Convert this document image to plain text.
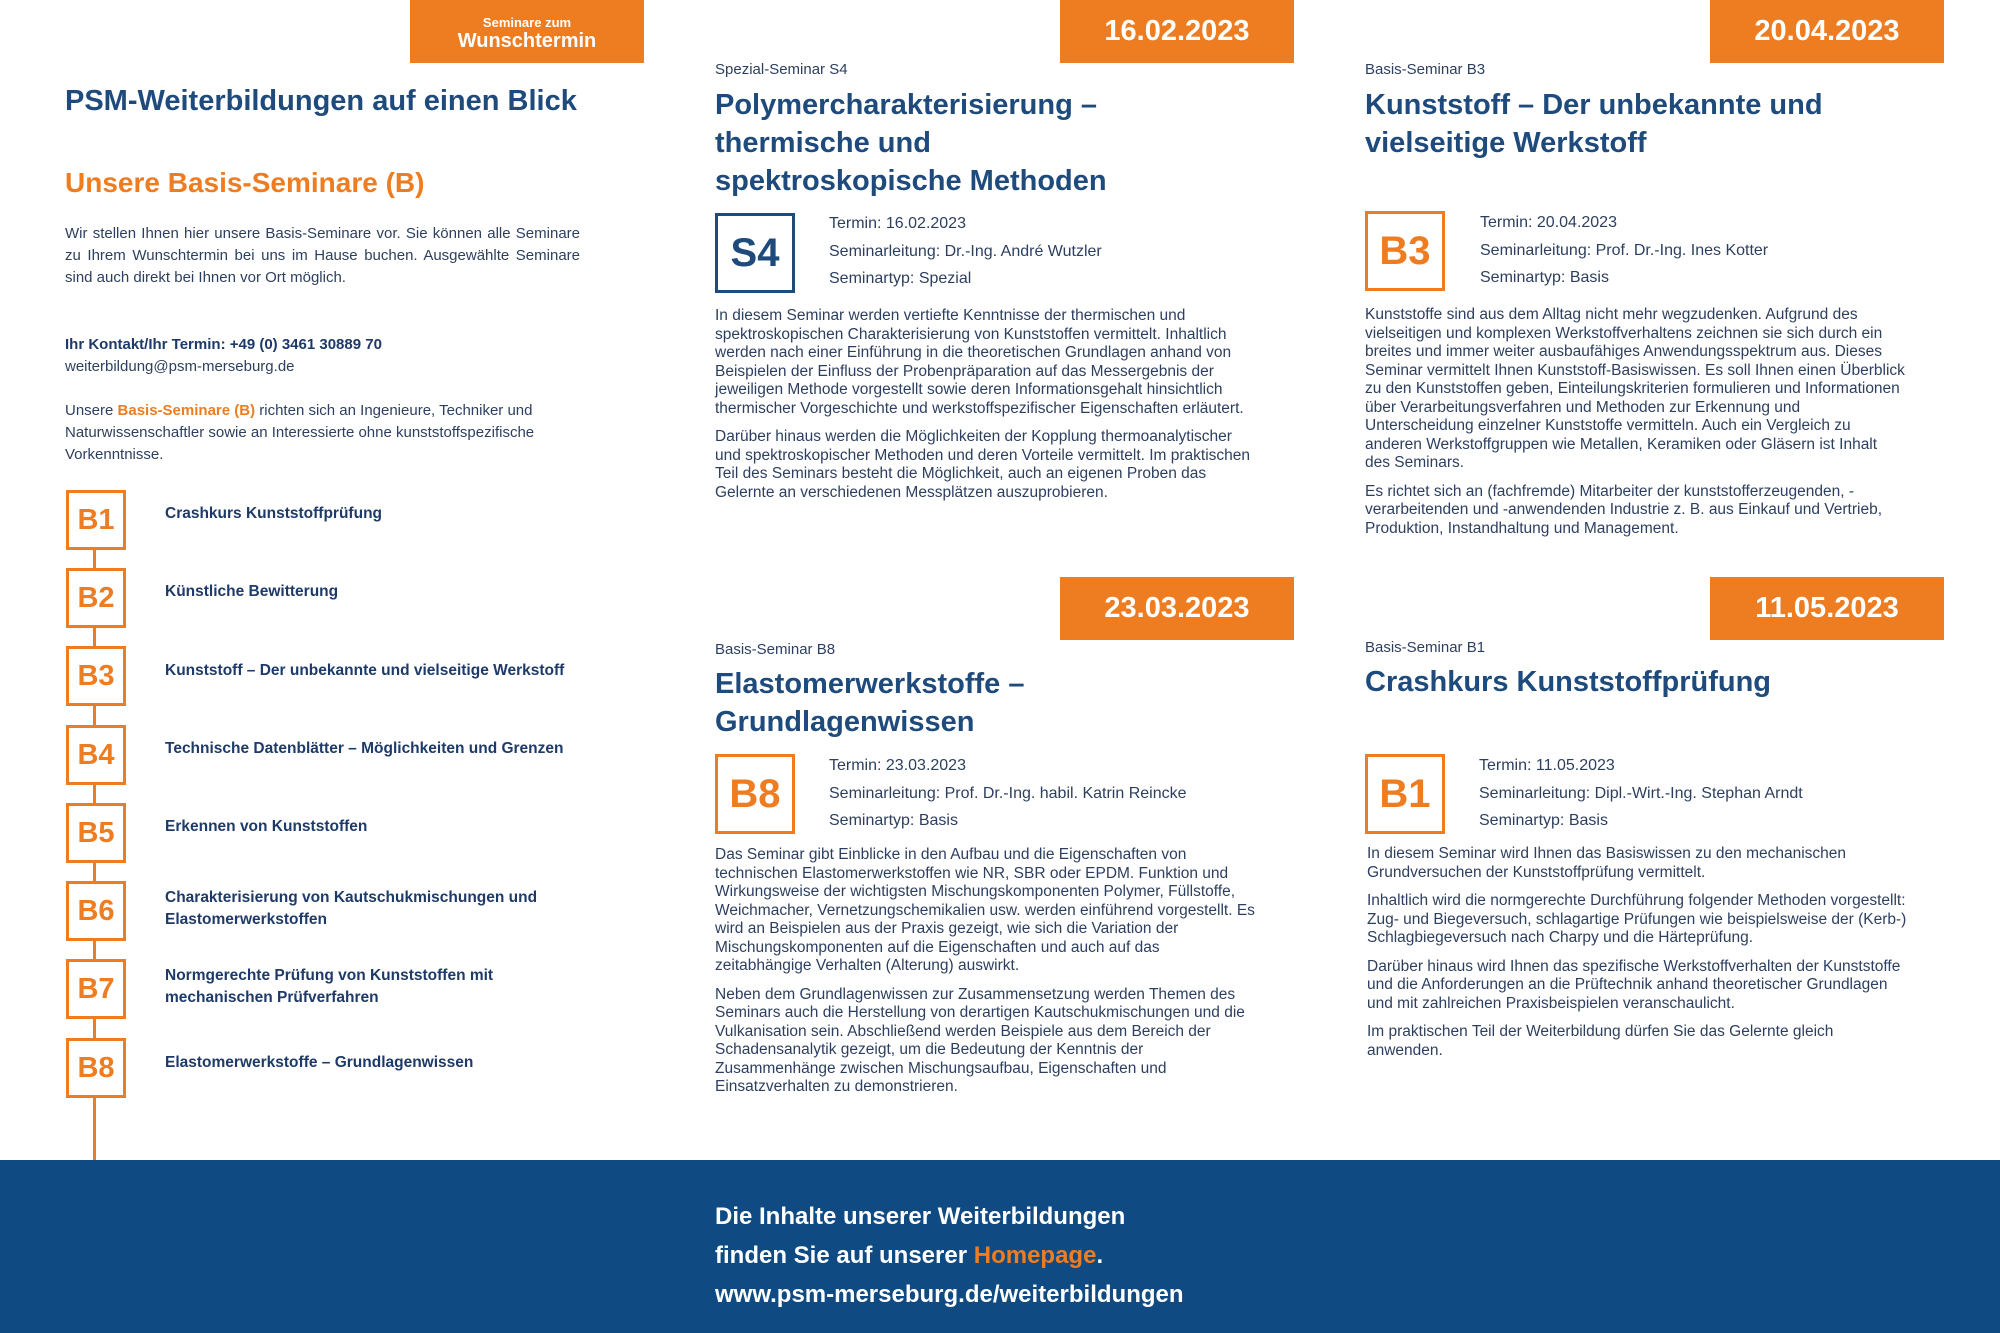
Seminare zum
Wunschtermin
PSM-Weiterbildungen auf einen Blick
Unsere Basis-Seminare (B)
Wir stellen Ihnen hier unsere Basis-Seminare vor. Sie können alle Seminare zu Ihrem Wunschtermin bei uns im Hause buchen. Ausgewählte Seminare sind auch direkt bei Ihnen vor Ort möglich.
Ihr Kontakt/Ihr Termin: +49 (0) 3461 30889 70
weiterbildung@psm-merseburg.de
Unsere Basis-Seminare (B) richten sich an Ingenieure, Techniker und Naturwissenschaftler sowie an Interessierte ohne kunststoffspezifische Vorkenntnisse.
B1	Crashkurs Kunststoffprüfung
B2	Künstliche Bewitterung
B3	Kunststoff – Der unbekannte und vielseitige Werkstoff
B4	Technische Datenblätter – Möglichkeiten und Grenzen
B5	Erkennen von Kunststoffen
B6	Charakterisierung von Kautschukmischungen und Elastomerwerkstoffen
B7	Normgerechte Prüfung von Kunststoffen mit mechanischen Prüfverfahren
B8	Elastomerwerkstoffe – Grundlagenwissen
16.02.2023
Spezial-Seminar S4
Polymercharakterisierung – thermische und spektroskopische Methoden
S4
Termin: 16.02.2023
Seminarleitung: Dr.-Ing. André Wutzler
Seminartyp: Spezial

In diesem Seminar werden vertiefte Kenntnisse der thermischen und spektroskopischen Charakterisierung von Kunststoffen vermittelt. Inhaltlich werden nach einer Einführung in die theoretischen Grundlagen anhand von Beispielen der Einfluss der Probenpräparation auf das Messergebnis der jeweiligen Methode vorgestellt sowie deren Informationsgehalt hinsichtlich thermischer Vorgeschichte und werkstoffspezifischer Eigenschaften erläutert.

Darüber hinaus werden die Möglichkeiten der Kopplung thermoanalytischer und spektroskopischer Methoden und deren Vorteile vermittelt. Im praktischen Teil des Seminars besteht die Möglichkeit, auch an eigenen Proben das Gelernte an verschiedenen Messplätzen auszuprobieren.

20.04.2023
Basis-Seminar B3
Kunststoff – Der unbekannte und vielseitige Werkstoff
B3
Termin: 20.04.2023
Seminarleitung: Prof. Dr.-Ing. Ines Kotter
Seminartyp: Basis

Kunststoffe sind aus dem Alltag nicht mehr wegzudenken. Aufgrund des vielseitigen und komplexen Werkstoffverhaltens zeichnen sie sich durch ein breites und immer weiter ausbaufähiges Anwendungsspektrum aus. Dieses Seminar vermittelt Ihnen Kunststoff-Basiswissen. Es soll Ihnen einen Überblick zu den Kunststoffen geben, Einteilungskriterien formulieren und Informationen über Verarbeitungsverfahren und Methoden zur Erkennung und Unterscheidung einzelner Kunststoffe vermitteln. Auch ein Vergleich zu anderen Werkstoffgruppen wie Metallen, Keramiken oder Gläsern ist Inhalt des Seminars.

Es richtet sich an (fachfremde) Mitarbeiter der kunststofferzeugenden, -verarbeitenden und -anwendenden Industrie z. B. aus Einkauf und Vertrieb, Produktion, Instandhaltung und Management.

23.03.2023
Basis-Seminar B8
Elastomerwerkstoffe – Grundlagenwissen
B8
Termin: 23.03.2023
Seminarleitung: Prof. Dr.-Ing. habil. Katrin Reincke
Seminartyp: Basis

Das Seminar gibt Einblicke in den Aufbau und die Eigenschaften von technischen Elastomerwerkstoffen wie NR, SBR oder EPDM. Funktion und Wirkungsweise der wichtigsten Mischungskomponenten Polymer, Füllstoffe, Weichmacher, Vernetzungschemikalien usw. werden einführend vorgestellt. Es wird an Beispielen aus der Praxis gezeigt, wie sich die Variation der Mischungskomponenten auf die Eigenschaften und auch auf das zeitabhängige Verhalten (Alterung) auswirkt.

Neben dem Grundlagenwissen zur Zusammensetzung werden Themen des Seminars auch die Herstellung von derartigen Kautschukmischungen und die Vulkanisation sein. Abschließend werden Beispiele aus dem Bereich der Schadensanalytik gezeigt, um die Bedeutung der Kenntnis der Zusammenhänge zwischen Mischungsaufbau, Eigenschaften und Einsatzverhalten zu demonstrieren.

11.05.2023
Basis-Seminar B1
Crashkurs Kunststoffprüfung
B1
Termin: 11.05.2023
Seminarleitung: Dipl.-Wirt.-Ing. Stephan Arndt
Seminartyp: Basis

In diesem Seminar wird Ihnen das Basiswissen zu den mechanischen Grundversuchen der Kunststoffprüfung vermittelt.

Inhaltlich wird die normgerechte Durchführung folgender Methoden vorgestellt: Zug- und Biegeversuch, schlagartige Prüfungen wie beispielsweise der (Kerb-) Schlagbiegeversuch nach Charpy und die Härteprüfung.

Darüber hinaus wird Ihnen das spezifische Werkstoffverhalten der Kunststoffe und die Anforderungen an die Prüftechnik anhand theoretischer Grundlagen und mit zahlreichen Praxisbeispielen veranschaulicht.

Im praktischen Teil der Weiterbildung dürfen Sie das Gelernte gleich anwenden.

Die Inhalte unserer Weiterbildungen
finden Sie auf unserer Homepage.
www.psm-merseburg.de/weiterbildungen
